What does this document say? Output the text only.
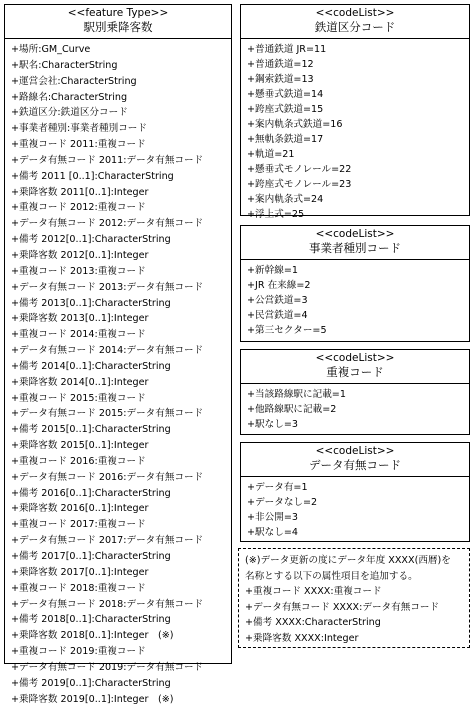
<<feature Type>>
駅別乗降客数
+場所:GM_Curve
+駅名:CharacterString
+運営会社:CharacterString
+路線名:CharacterString
+鉄道区分:鉄道区分コード
+事業者種別:事業者種別コード
+重複コード 2011:重複コード
+データ有無コード 2011:データ有無コード
+備考 2011 [0..1]:CharacterString
+乗降客数 2011[0..1]:Integer
+重複コード 2012:重複コード
+データ有無コード 2012:データ有無コード
+備考 2012[0..1]:CharacterString
+乗降客数 2012[0..1]:Integer
+重複コード 2013:重複コード
+データ有無コード 2013:データ有無コード
+備考 2013[0..1]:CharacterString
+乗降客数 2013[0..1]:Integer
+重複コード 2014:重複コード
+データ有無コード 2014:データ有無コード
+備考 2014[0..1]:CharacterString
+乗降客数 2014[0..1]:Integer
+重複コード 2015:重複コード
+データ有無コード 2015:データ有無コード
+備考 2015[0..1]:CharacterString
+乗降客数 2015[0..1]:Integer
+重複コード 2016:重複コード
+データ有無コード 2016:データ有無コード
+備考 2016[0..1]:CharacterString
+乗降客数 2016[0..1]:Integer
+重複コード 2017:重複コード
+データ有無コード 2017:データ有無コード
+備考 2017[0..1]:CharacterString
+乗降客数 2017[0..1]:Integer
+重複コード 2018:重複コード
+データ有無コード 2018:データ有無コード
+備考 2018[0..1]:CharacterString
+乗降客数 2018[0..1]:Integer　(※)
+重複コード 2019:重複コード
+データ有無コード 2019:データ有無コード
+備考 2019[0..1]:CharacterString
+乗降客数 2019[0..1]:Integer　(※)
<<codeList>>
鉄道区分コード
+普通鉄道 JR=11
+普通鉄道=12
+鋼索鉄道=13
+懸垂式鉄道=14
+跨座式鉄道=15
+案内軌条式鉄道=16
+無軌条鉄道=17
+軌道=21
+懸垂式モノレール=22
+跨座式モノレール=23
+案内軌条式=24
+浮上式=25
<<codeList>>
事業者種別コード
+新幹線=1
+JR 在来線=2
+公営鉄道=3
+民営鉄道=4
+第三セクター=5
<<codeList>>
重複コード
+当該路線駅に記載=1
+他路線駅に記載=2
+駅なし=3
<<codeList>>
データ有無コード
+データ有=1
+データなし=2
+非公開=3
+駅なし=4
(※)データ更新の度にデータ年度 XXXX(西暦)を
名称とする以下の属性項目を追加する。
+重複コード XXXX:重複コード
+データ有無コード XXXX:データ有無コード
+備考 XXXX:CharacterString
+乗降客数 XXXX:Integer
